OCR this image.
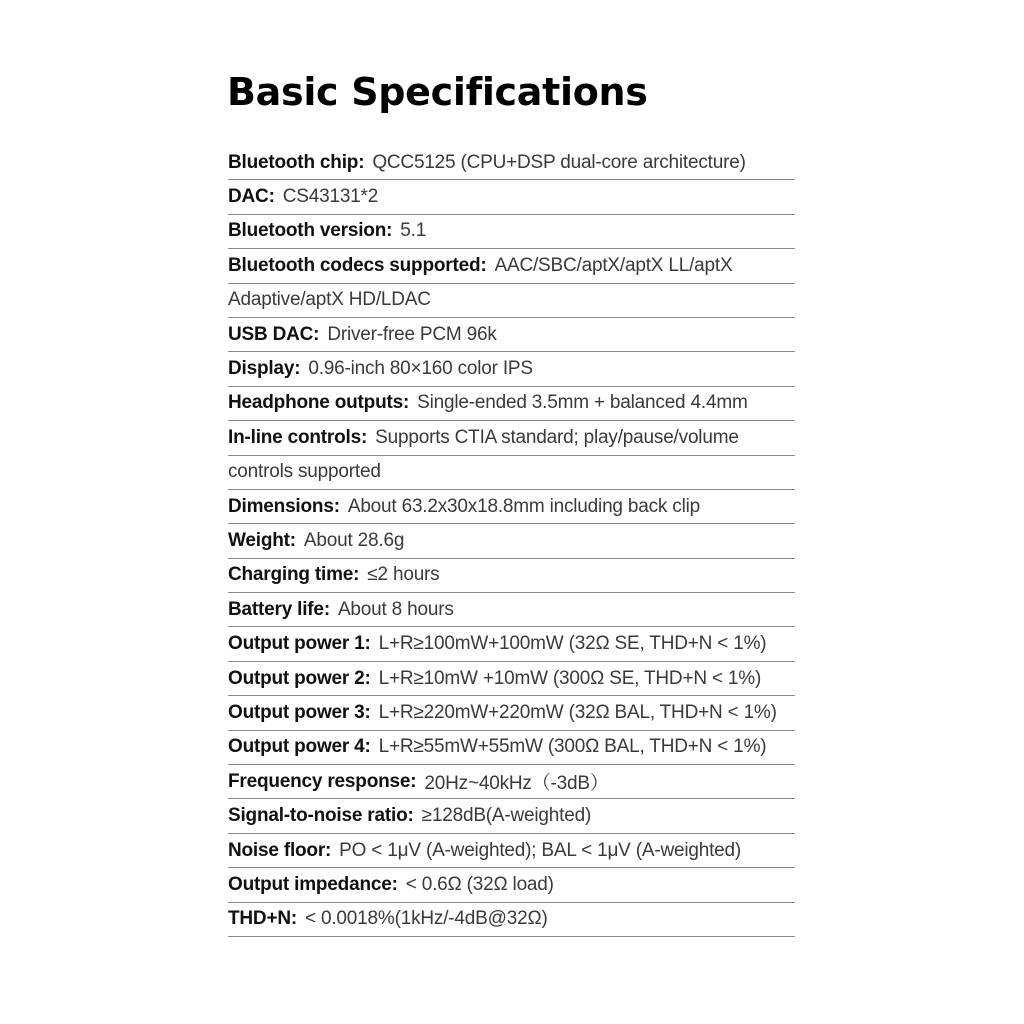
Basic Specifications
Bluetooth chip : QCC5125 (CPU+DSP dual-core architecture)
DAC : CS43131*2
Bluetooth version : 5.1
Bluetooth codecs supported : AAC/SBC/aptX/aptX LL/aptX
Adaptive/aptX HD/LDAC
USB DAC : Driver-free PCM 96k
Display : 0.96-inch 80×160 color IPS
Headphone outputs : Single-ended 3.5mm + balanced 4.4mm
In-line controls : Supports CTIA standard; play/pause/volume
controls supported
Dimensions : About 63.2x30x18.8mm including back clip
Weight : About 28.6g
Charging time : ≤2 hours
Battery life : About 8 hours
Output power 1 : L+R≥100mW+100mW (32Ω SE, THD+N < 1%)
Output power 2 : L+R≥10mW +10mW (300Ω SE, THD+N < 1%)
Output power 3 : L+R≥220mW+220mW (32Ω BAL, THD+N < 1%)
Output power 4 : L+R≥55mW+55mW (300Ω BAL, THD+N < 1%)
Frequency response : 20Hz~40kHz（-3dB）
Signal-to-noise ratio : ≥128dB(A-weighted)
Noise floor : PO < 1μV (A-weighted); BAL < 1μV (A-weighted)
Output impedance : < 0.6Ω (32Ω load)
THD+N : < 0.0018%(1kHz/-4dB@32Ω)
